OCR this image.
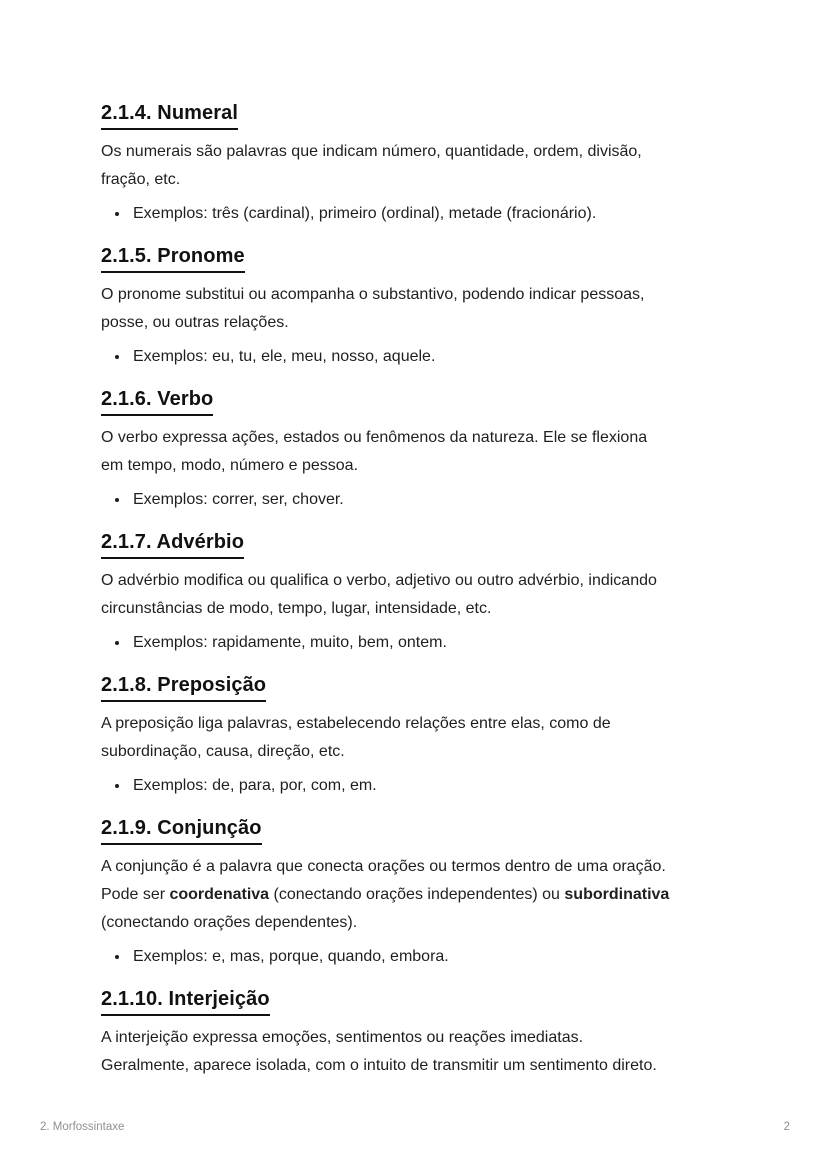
2.1.4. Numeral

Os numerais são palavras que indicam número, quantidade, ordem, divisão,
fração, etc.

• Exemplos: três (cardinal), primeiro (ordinal), metade (fracionário).
2.1.5. Pronome

O pronome substitui ou acompanha o substantivo, podendo indicar pessoas,
posse, ou outras relações.

• Exemplos: eu, tu, ele, meu, nosso, aquele.
2.1.6. Verbo

O verbo expressa ações, estados ou fenômenos da natureza. Ele se flexiona
em tempo, modo, número e pessoa.

• Exemplos: correr, ser, chover.
2.1.7. Advérbio

O advérbio modifica ou qualifica o verbo, adjetivo ou outro advérbio, indicando
circunstâncias de modo, tempo, lugar, intensidade, etc.

• Exemplos: rapidamente, muito, bem, ontem.
2.1.8. Preposição

A preposição liga palavras, estabelecendo relações entre elas, como de
subordinação, causa, direção, etc.

• Exemplos: de, para, por, com, em.
2.1.9. Conjunção

A conjunção é a palavra que conecta orações ou termos dentro de uma oração.
Pode ser coordenativa (conectando orações independentes) ou subordinativa
(conectando orações dependentes).

• Exemplos: e, mas, porque, quando, embora.
2.1.10. Interjeição

A interjeição expressa emoções, sentimentos ou reações imediatas.
Geralmente, aparece isolada, com o intuito de transmitir um sentimento direto.

2. Morfossintaxe	2
